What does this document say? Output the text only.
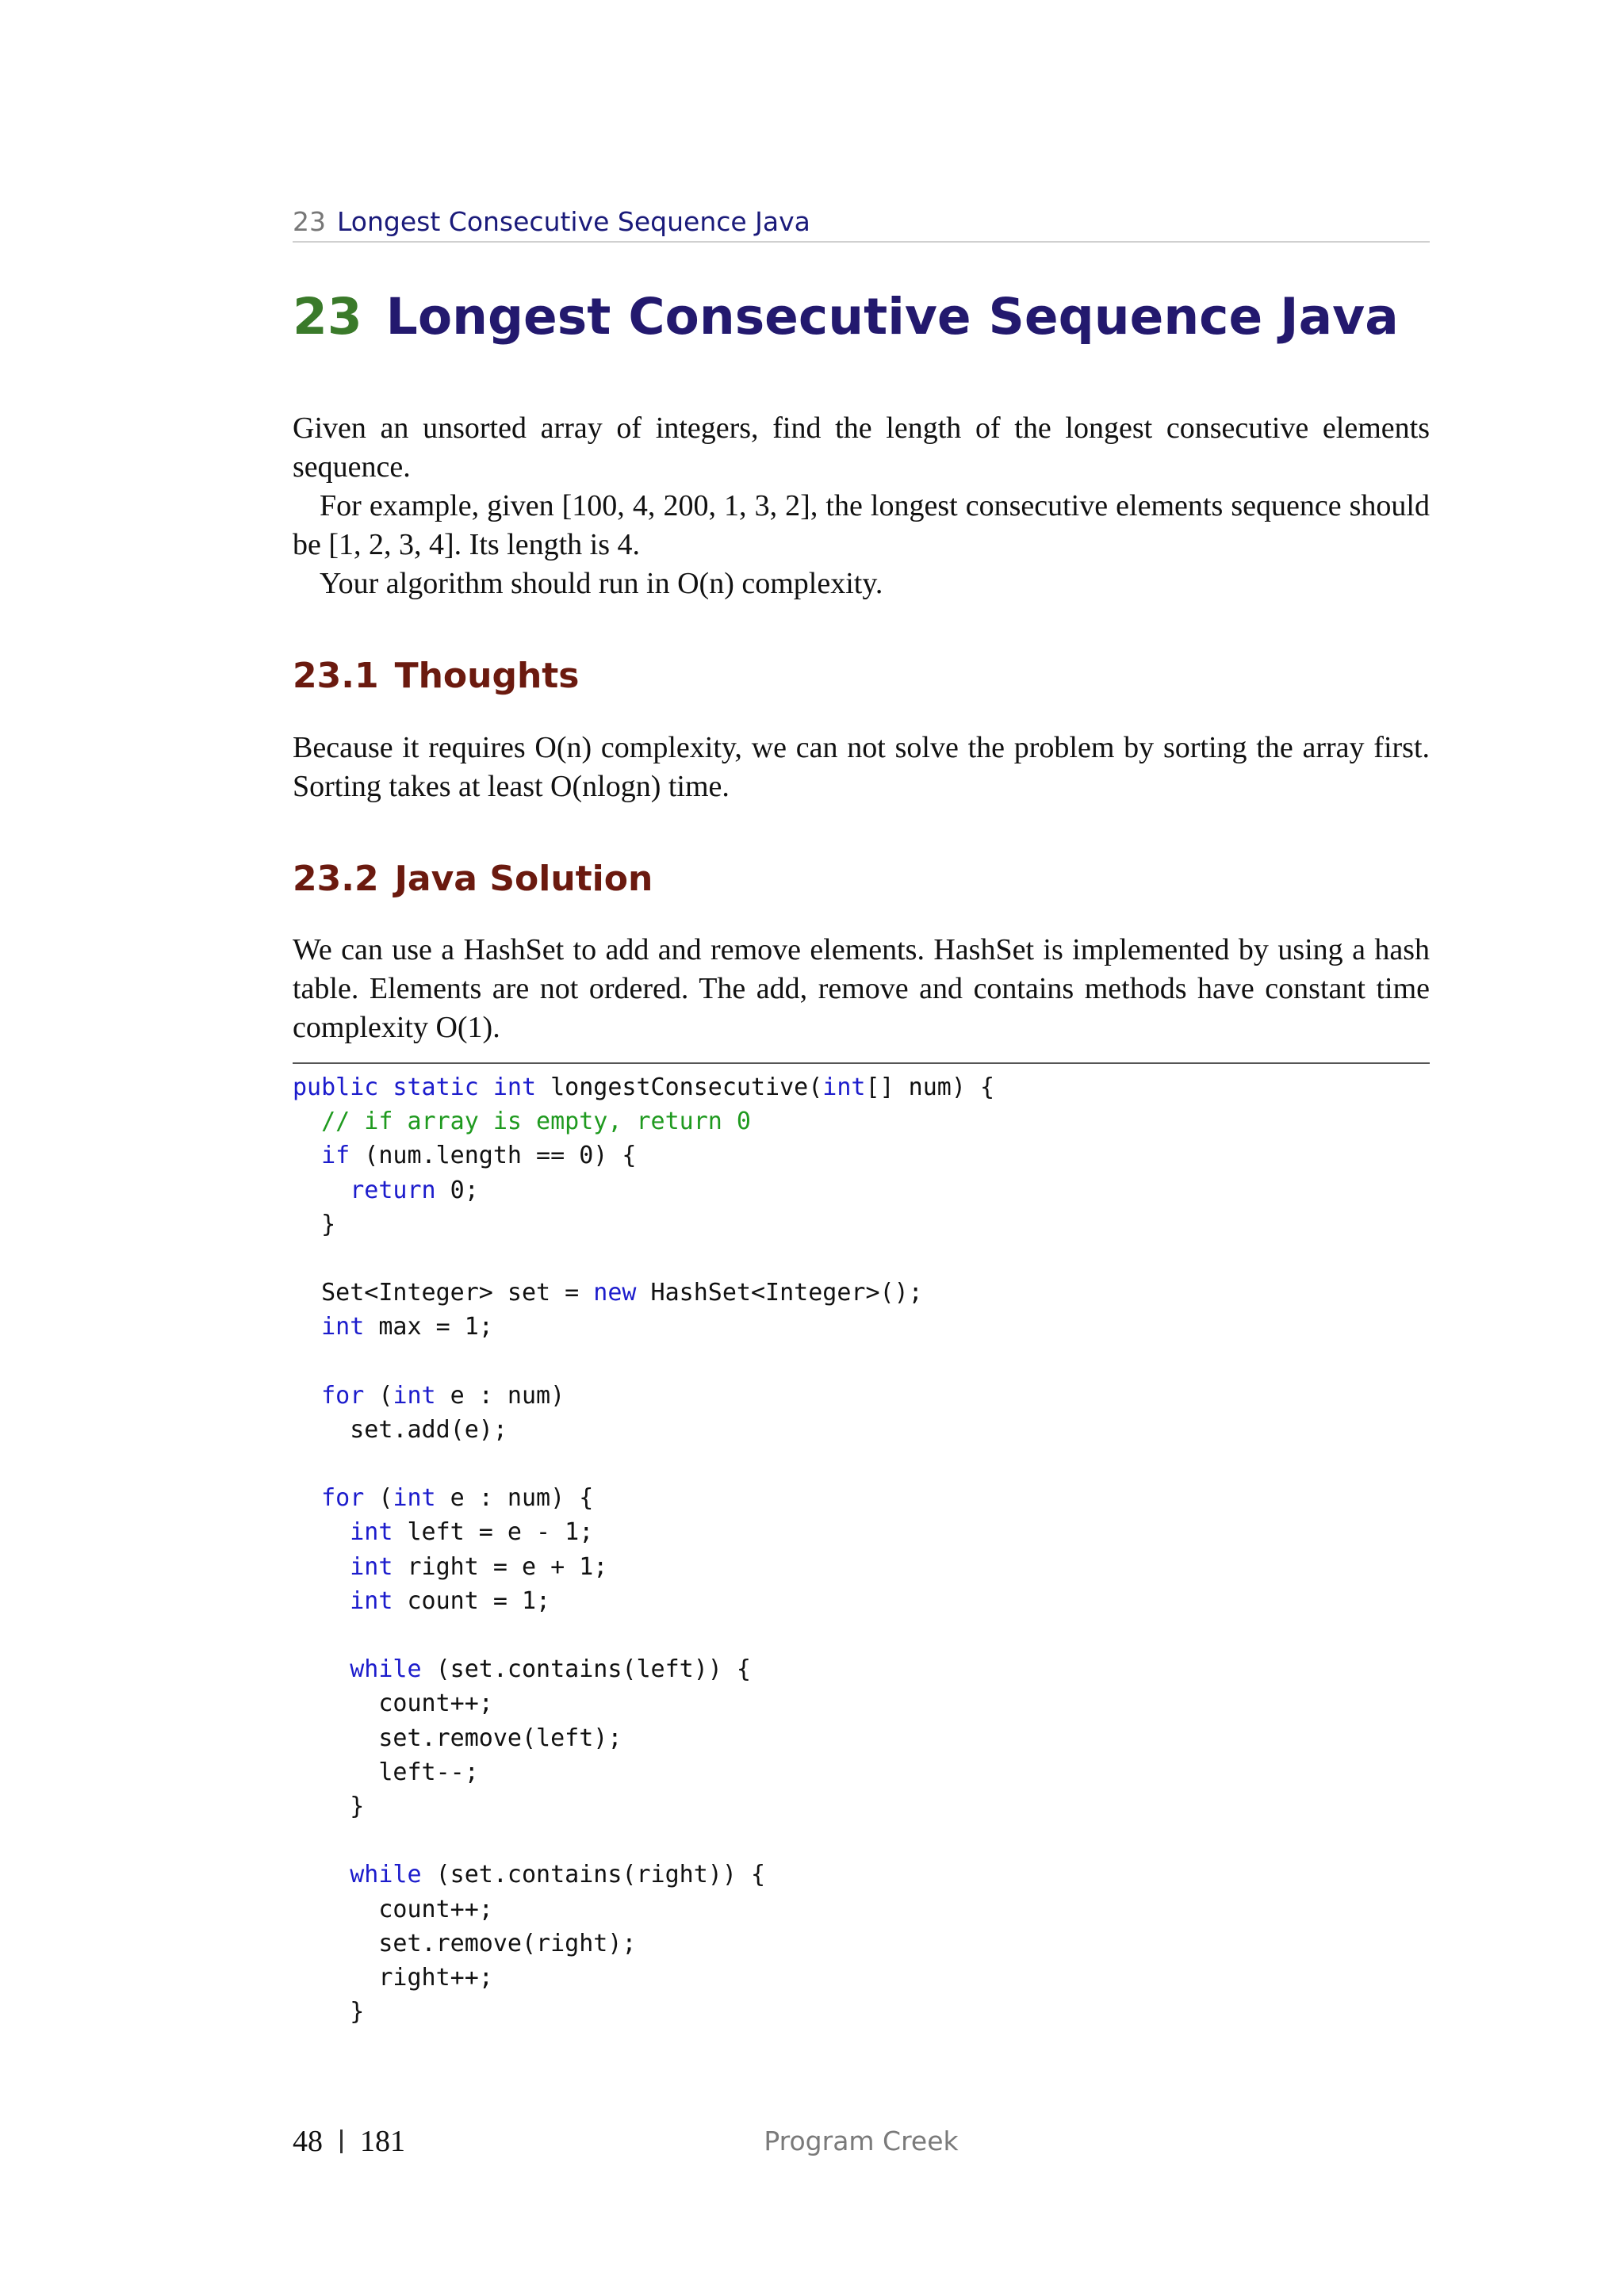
23 Longest Consecutive Sequence Java
23 Longest Consecutive Sequence Java

Given an unsorted array of integers, find the length of the longest consecutive elements sequence.

For example, given [100, 4, 200, 1, 3, 2], the longest consecutive elements sequence should be [1, 2, 3, 4]. Its length is 4.

Your algorithm should run in O(n) complexity.

23.1 Thoughts

Because it requires O(n) complexity, we can not solve the problem by sorting the array first. Sorting takes at least O(nlogn) time.

23.2 Java Solution

We can use a HashSet to add and remove elements. HashSet is implemented by using a hash table. Elements are not ordered. The add, remove and contains methods have constant time complexity O(1).

public static int longestConsecutive(int[] num) {
// if array is empty, return 0
if (num.length == 0) {
return 0;
}
Set<Integer> set = new HashSet<Integer>();
int max = 1;
for (int e : num)
set.add(e);
for (int e : num) {
int left = e - 1;
int right = e + 1;
int count = 1;
while (set.contains(left)) {
count++;
set.remove(left);
left--;
}
while (set.contains(right)) {
count++;
set.remove(right);
right++;
}
48 181	Program Creek
